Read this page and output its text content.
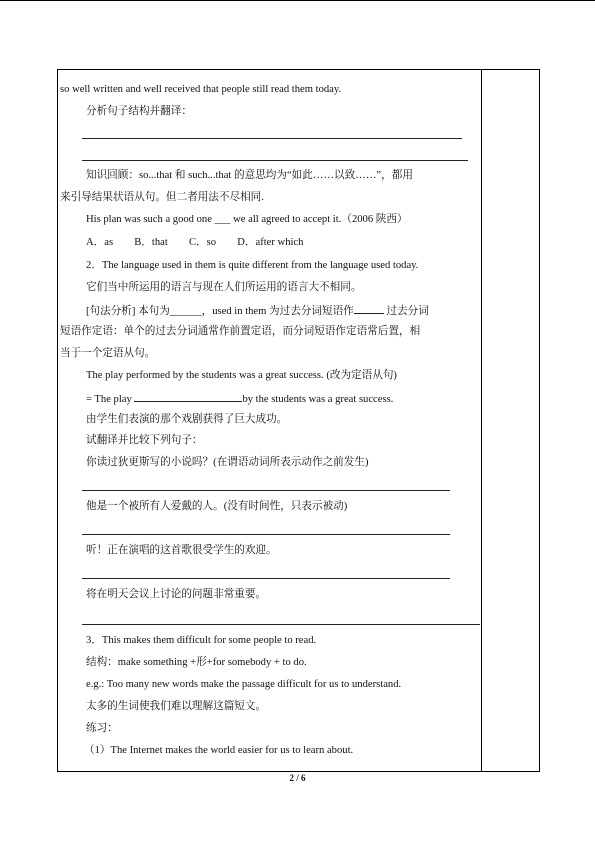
so well written and well received that people still read them today.
分析句子结构并翻译：
知识回顾：so...that 和 such...that 的意思均为“如此……以致……”，都用
来引导结果状语从句。但二者用法不尽相同.
His plan was such a good one ___ we all agreed to accept it.（2006 陕西）
A．as　　B．that　　C．so　　D．after which
2．The language used in them is quite different from the language used today.
它们当中所运用的语言与现在人们所运用的语言大不相同。
[句法分析] 本句为______，used in them 为过去分词短语作	过去分词
短语作定语：单个的过去分词通常作前置定语，而分词短语作定语常后置，相
当于一个定语从句。
The play performed by the students was a great success. (改为定语从句)
= The play	by the students was a great success.
由学生们表演的那个戏剧获得了巨大成功。
试翻译并比较下列句子：
你读过狄更斯写的小说吗？(在谓语动词所表示动作之前发生)
他是一个被所有人爱戴的人。(没有时间性，只表示被动)
听！正在演唱的这首歌很受学生的欢迎。
将在明天会议上讨论的问题非常重要。
3．This makes them difficult for some people to read.
结构：make something +形+for somebody + to do.
e.g.: Too many new words make the passage difficult for us to understand.
太多的生词使我们难以理解这篇短文。
练习：
（1）The Internet makes the world easier for us to learn about.
2 / 6
